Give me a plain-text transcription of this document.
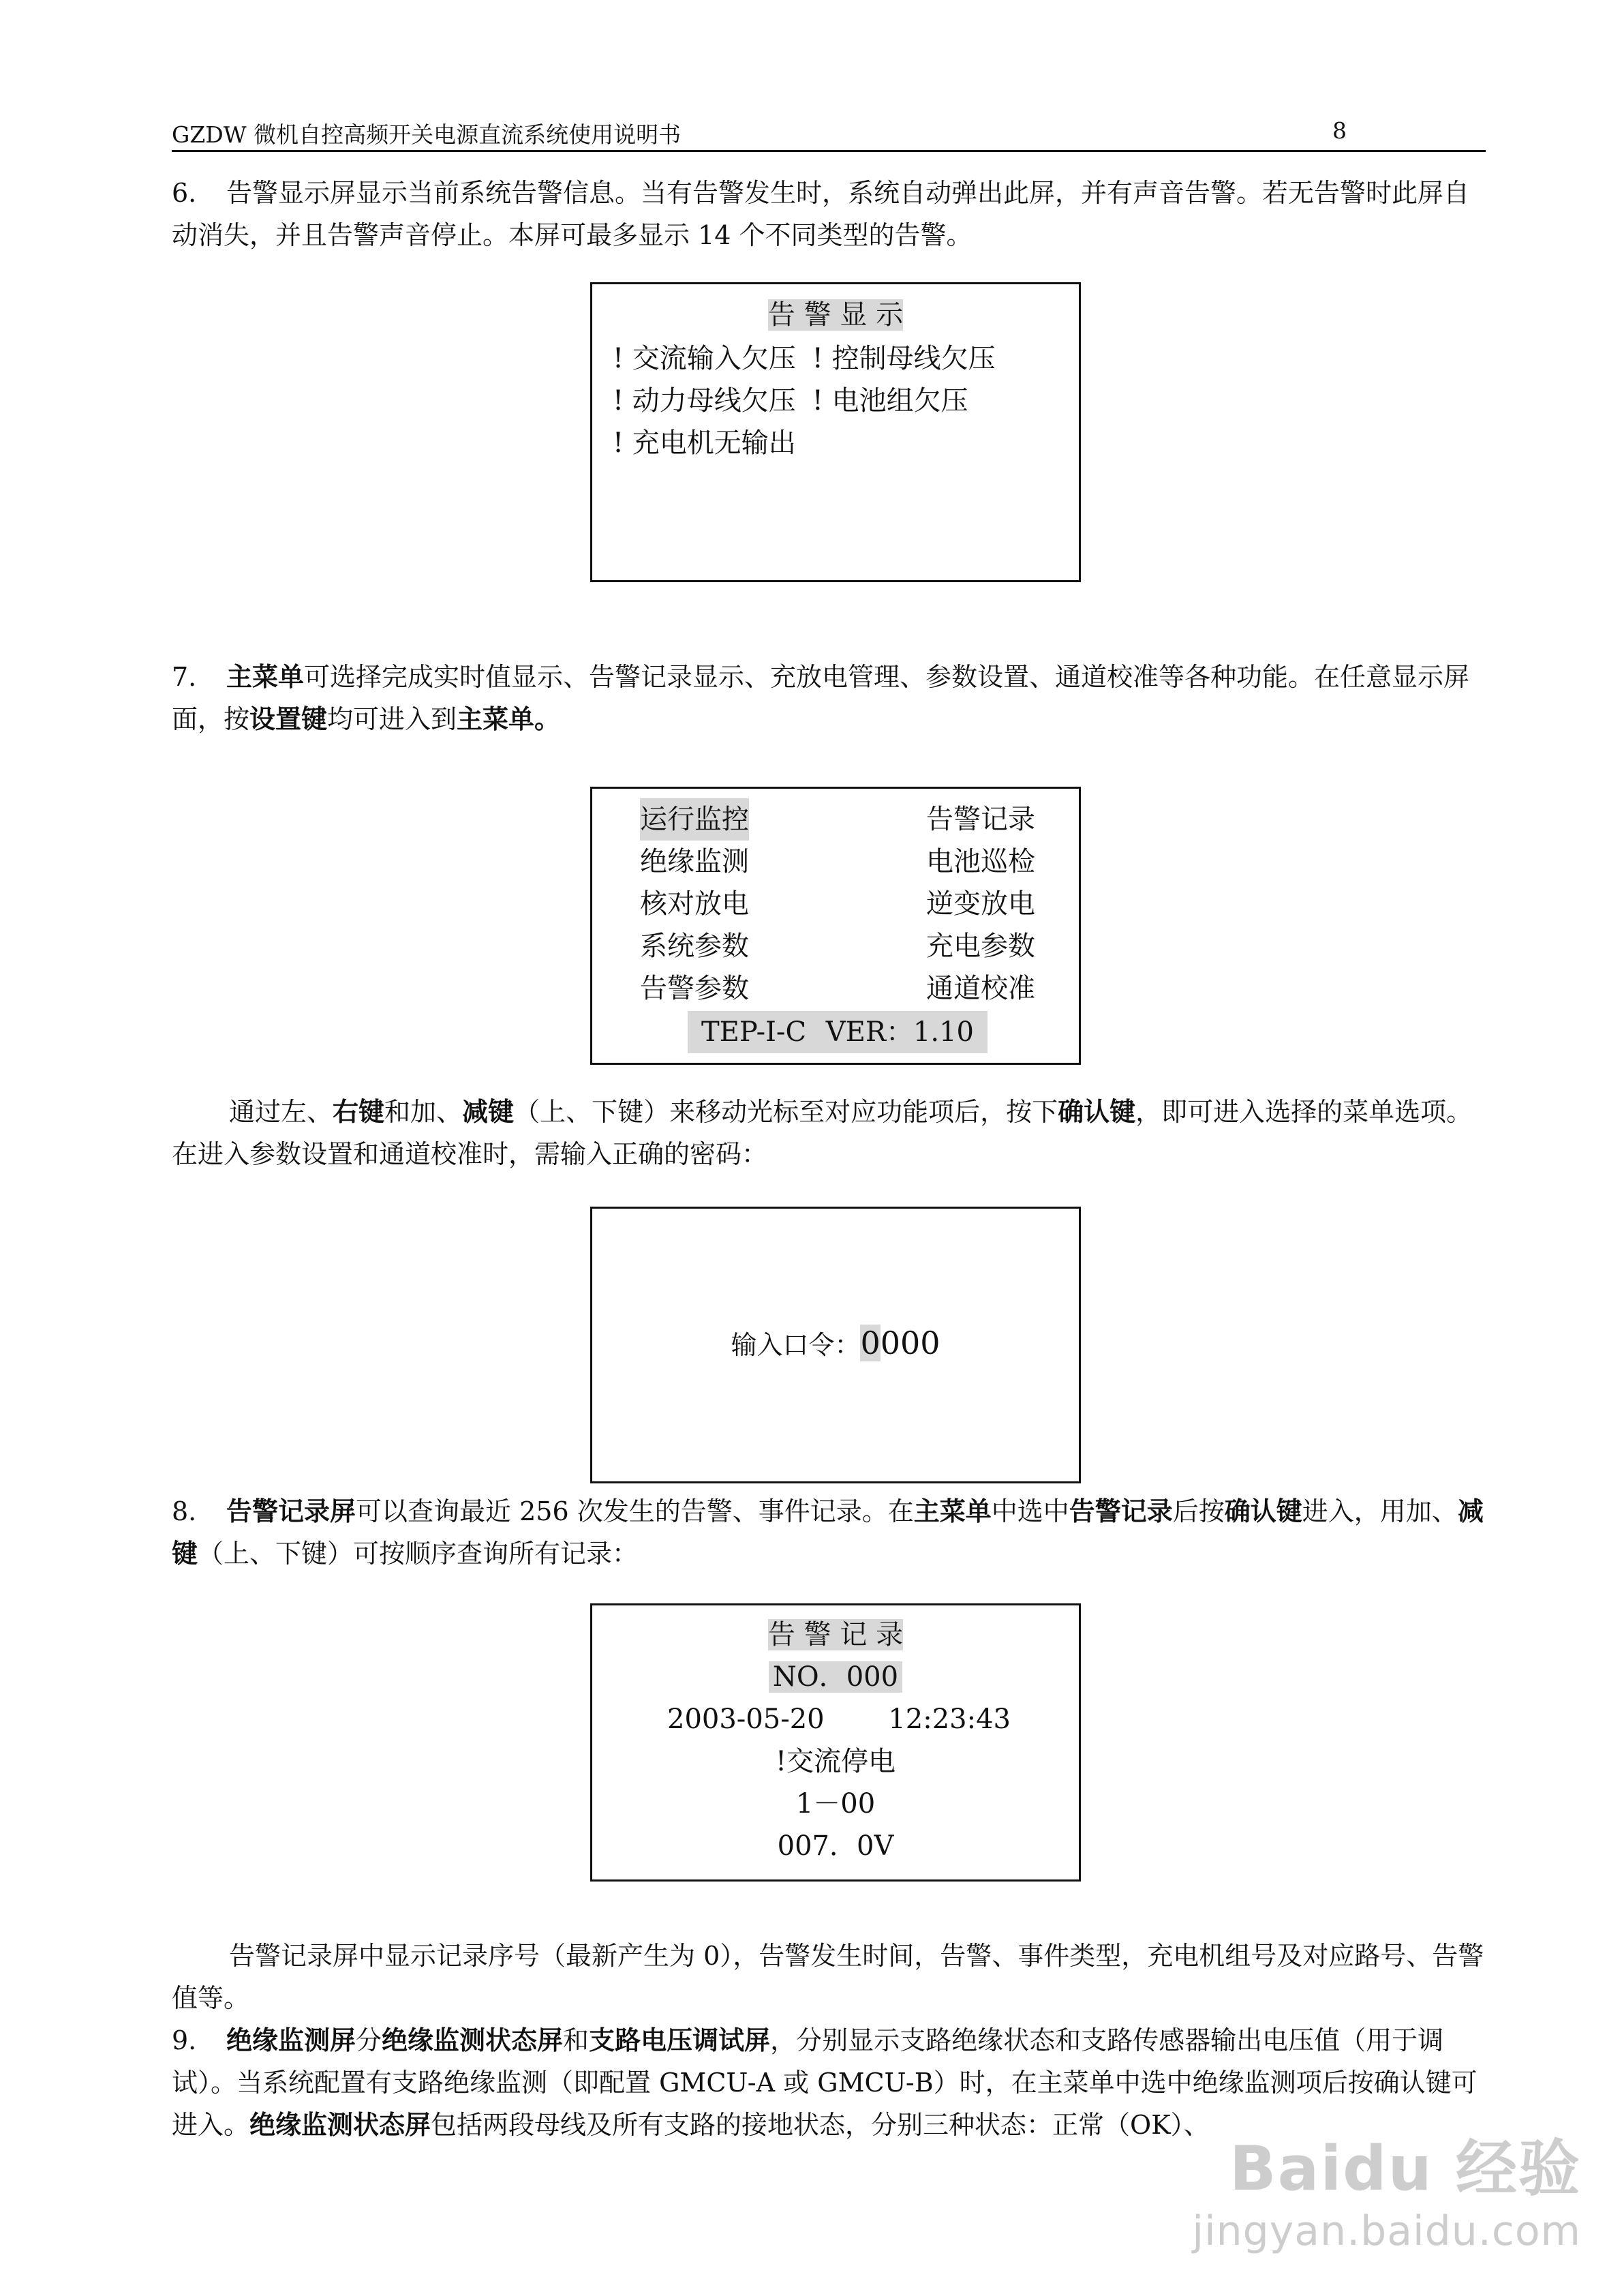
GZDW 微机自控高频开关电源直流系统使用说明书	8

6. 告警显示屏显示当前系统告警信息。当有告警发生时，系统自动弹出此屏，并有声音告警。若无告警时此屏自动消失，并且告警声音停止。本屏可最多显示 14 个不同类型的告警。

告 警 显 示
! 交流输入欠压 ! 控制母线欠压
! 动力母线欠压 ! 电池组欠压
! 充电机无输出

7. 主菜单可选择完成实时值显示、告警记录显示、充放电管理、参数设置、通道校准等各种功能。在任意显示屏面，按设置键均可进入到主菜单。

运行监控	告警记录
绝缘监测	电池巡检
核对放电	逆变放电
系统参数	充电参数
告警参数	通道校准
TEP-I-C VER：1.10

通过左、右键和加、减键（上、下键）来移动光标至对应功能项后，按下确认键，即可进入选择的菜单选项。在进入参数设置和通道校准时，需输入正确的密码：

输入口令：0000

8. 告警记录屏可以查询最近 256 次发生的告警、事件记录。在主菜单中选中告警记录后按确认键进入，用加、减键（上、下键）可按顺序查询所有记录：

告 警 记 录
NO．000
2003-05-20 12:23:43
!交流停电
1－00
007．0V

告警记录屏中显示记录序号（最新产生为 0），告警发生时间，告警、事件类型，充电机组号及对应路号、告警值等。

9. 绝缘监测屏分绝缘监测状态屏和支路电压调试屏，分别显示支路绝缘状态和支路传感器输出电压值（用于调试）。当系统配置有支路绝缘监测（即配置 GMCU-A 或 GMCU-B）时，在主菜单中选中绝缘监测项后按确认键可进入。绝缘监测状态屏包括两段母线及所有支路的接地状态，分别三种状态：正常（OK）、

Baidu 经验
jingyan.baidu.com
